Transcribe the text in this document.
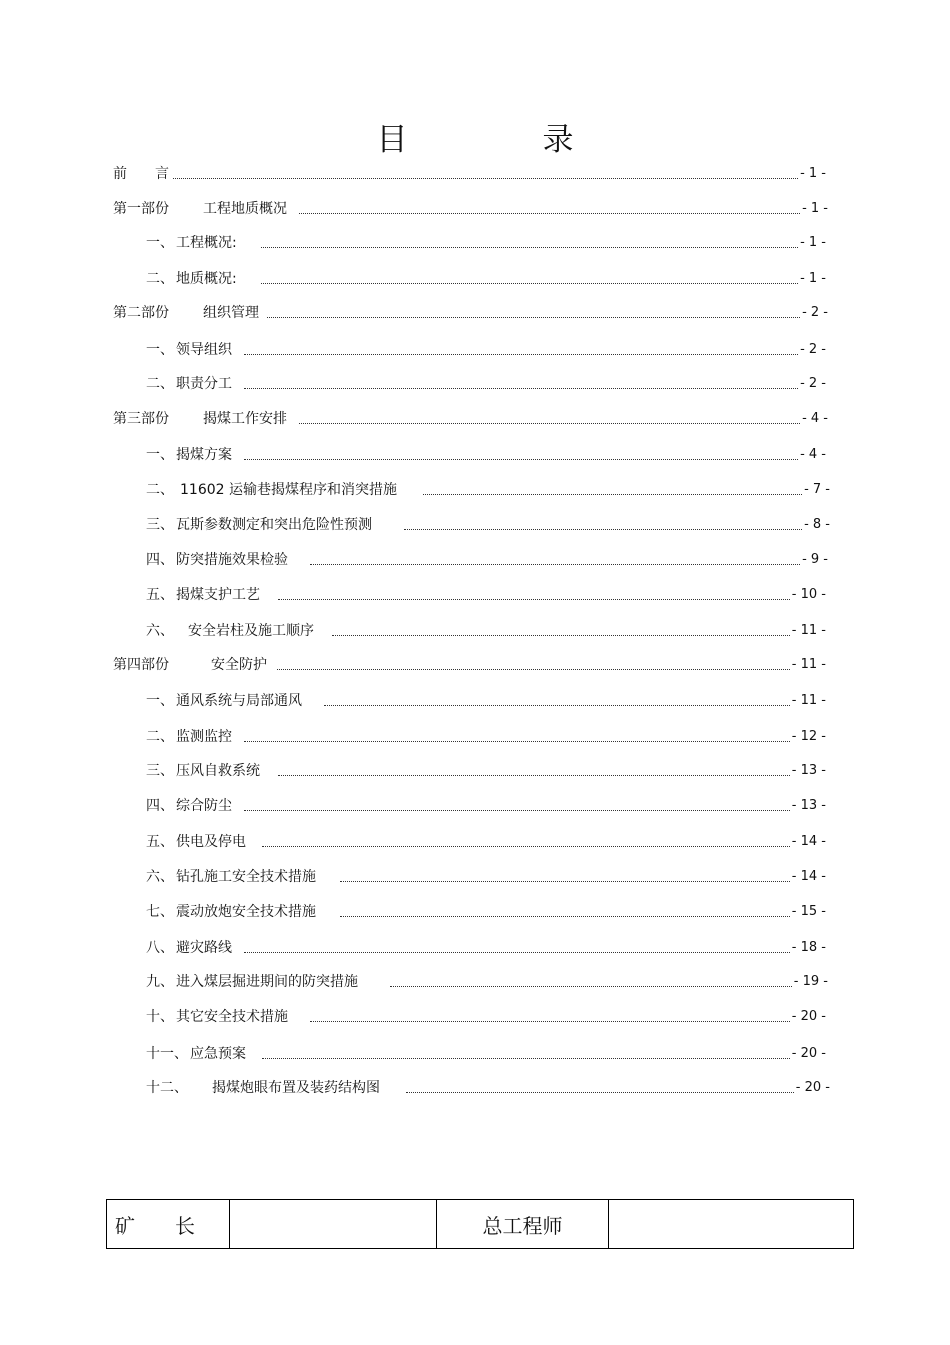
目　录
前 言	- 1 -
第一部份 工程地质概况	- 1 -
一、 工程概况:	- 1 -
二、 地质概况:	- 1 -
第二部份 组织管理	- 2 -
一、 领导组织	- 2 -
二、 职责分工	- 2 -
第三部份 揭煤工作安排	- 4 -
一、 揭煤方案	- 4 -
二、 11602 运输巷揭煤程序和消突措施	- 7 -
三、 瓦斯参数测定和突出危险性预测	- 8 -
四、 防突措施效果检验	- 9 -
五、 揭煤支护工艺	- 10 -
六、 安全岩柱及施工顺序	- 11 -
第四部份	安全防护	- 11 -
一、 通风系统与局部通风	- 11 -
二、 监测监控	- 12 -
三、 压风自救系统	- 13 -
四、 综合防尘	- 13 -
五、 供电及停电	- 14 -
六、 钻孔施工安全技术措施	- 14 -
七、 震动放炮安全技术措施	- 15 -
八、 避灾路线	- 18 -
九、 进入煤层掘进期间的防突措施	- 19 -
十、 其它安全技术措施	- 20 -
十一、 应急预案	- 20 -
十二、 揭煤炮眼布置及装药结构图	- 20 -
矿　　长		总工程师	
